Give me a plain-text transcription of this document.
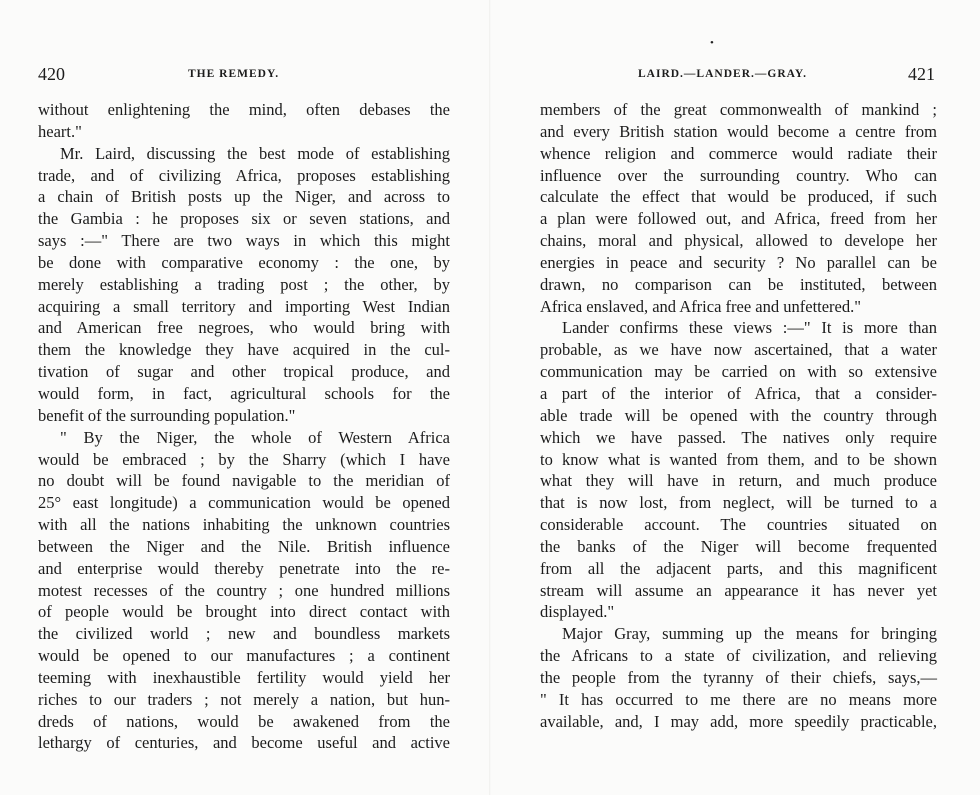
420	THE REMEDY.
without enlightening the mind, often debases the
heart."
Mr. Laird, discussing the best mode of establishing
trade, and of civilizing Africa, proposes establishing
a chain of British posts up the Niger, and across to
the Gambia : he proposes six or seven stations, and
says :—" There are two ways in which this might
be done with comparative economy : the one, by
merely establishing a trading post ; the other, by
acquiring a small territory and importing West Indian
and American free negroes, who would bring with
them the knowledge they have acquired in the cul-
tivation of sugar and other tropical produce, and
would form, in fact, agricultural schools for the
benefit of the surrounding population."
" By the Niger, the whole of Western Africa
would be embraced ; by the Sharry (which I have
no doubt will be found navigable to the meridian of
25° east longitude) a communication would be opened
with all the nations inhabiting the unknown countries
between the Niger and the Nile. British influence
and enterprise would thereby penetrate into the re-
motest recesses of the country ; one hundred millions
of people would be brought into direct contact with
the civilized world ; new and boundless markets
would be opened to our manufactures ; a continent
teeming with inexhaustible fertility would yield her
riches to our traders ; not merely a nation, but hun-
dreds of nations, would be awakened from the
lethargy of centuries, and become useful and active
•
LAIRD.—LANDER.—GRAY.	421
members of the great commonwealth of mankind ;
and every British station would become a centre from
whence religion and commerce would radiate their
influence over the surrounding country. Who can
calculate the effect that would be produced, if such
a plan were followed out, and Africa, freed from her
chains, moral and physical, allowed to develope her
energies in peace and security ? No parallel can be
drawn, no comparison can be instituted, between
Africa enslaved, and Africa free and unfettered."
Lander confirms these views :—" It is more than
probable, as we have now ascertained, that a water
communication may be carried on with so extensive
a part of the interior of Africa, that a consider-
able trade will be opened with the country through
which we have passed. The natives only require
to know what is wanted from them, and to be shown
what they will have in return, and much produce
that is now lost, from neglect, will be turned to a
considerable account. The countries situated on
the banks of the Niger will become frequented
from all the adjacent parts, and this magnificent
stream will assume an appearance it has never yet
displayed."
Major Gray, summing up the means for bringing
the Africans to a state of civilization, and relieving
the people from the tyranny of their chiefs, says,—
" It has occurred to me there are no means more
available, and, I may add, more speedily practicable,
